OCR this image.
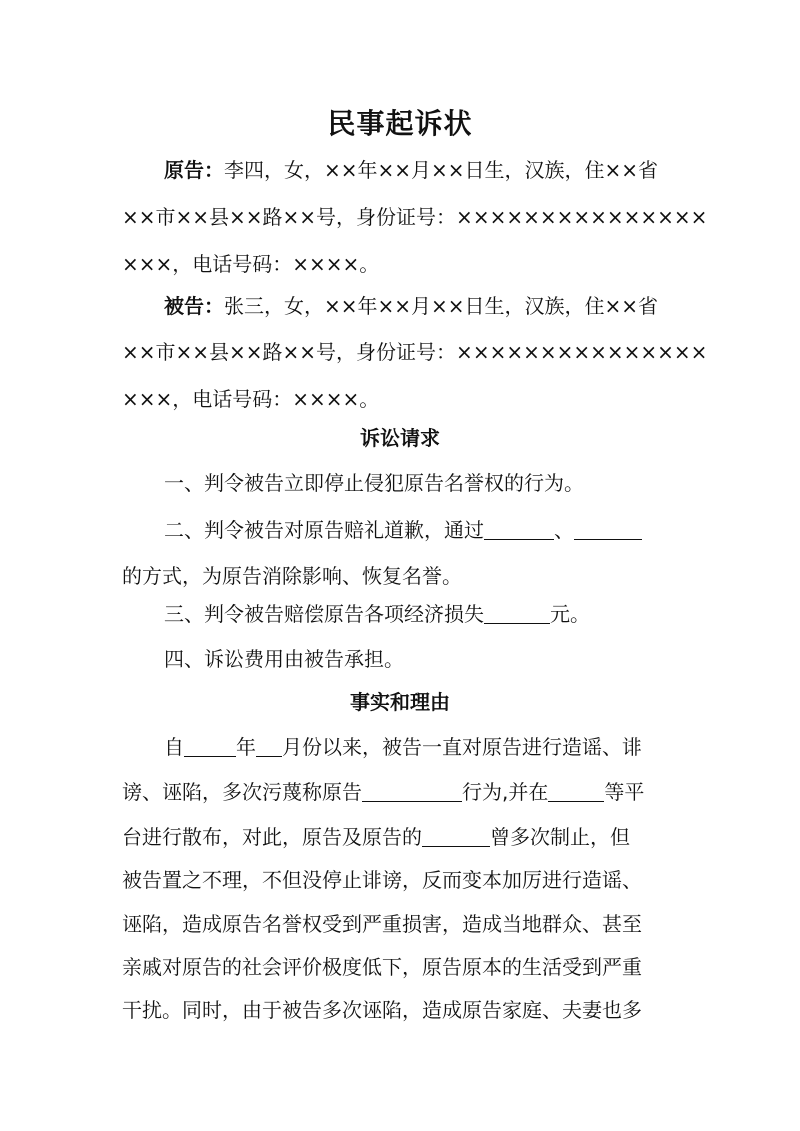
民事起诉状
原告：李四，女，××年××月××日生，汉族，住××省
××市××县××路××号，身份证号：×××××××××××××××
×××，电话号码：××××。
被告：张三，女，××年××月××日生，汉族，住××省
××市××县××路××号，身份证号：×××××××××××××××
×××，电话号码：××××。
诉讼请求
一、判令被告立即停止侵犯原告名誉权的行为。
二、判令被告对原告赔礼道歉，通过	、
的方式，为原告消除影响、恢复名誉。
三、判令被告赔偿原告各项经济损失	元。
四、诉讼费用由被告承担。
事实和理由
自	年 月份以来，被告一直对原告进行造谣、诽
谤、诬陷，多次污蔑称原告	行为,并在	等平
台进行散布，对此，原告及原告的	曾多次制止，但
被告置之不理，不但没停止诽谤，反而变本加厉进行造谣、
诬陷，造成原告名誉权受到严重损害，造成当地群众、甚至
亲戚对原告的社会评价极度低下，原告原本的生活受到严重
干扰。同时，由于被告多次诬陷，造成原告家庭、夫妻也多
